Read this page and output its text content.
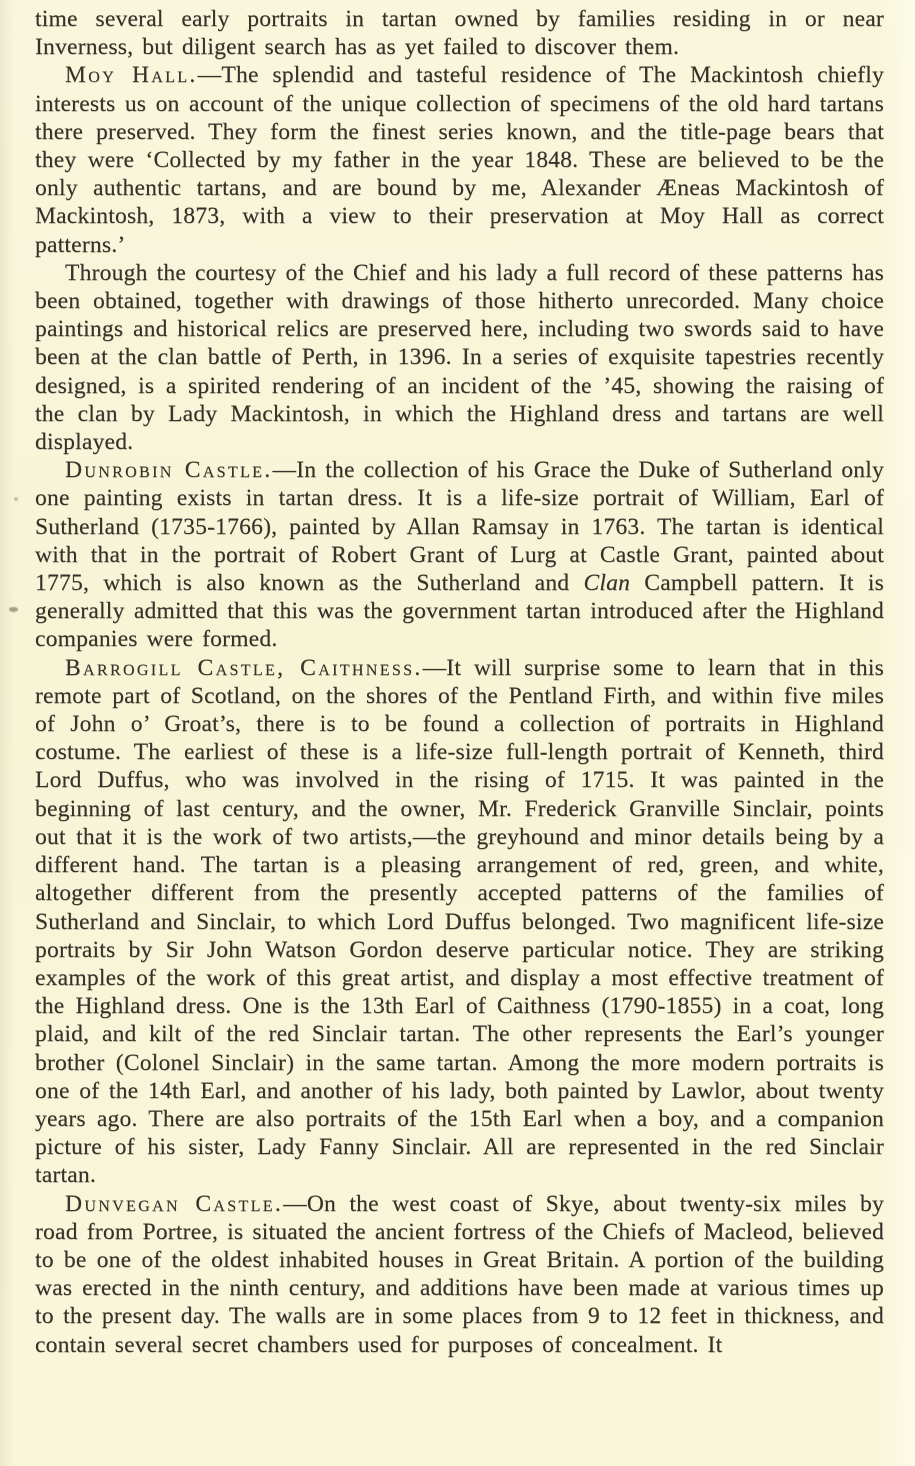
time several early portraits in tartan owned by families residing in or near Inverness, but diligent search has as yet failed to discover them.

Moy Hall.—The splendid and tasteful residence of The Mackintosh chiefly interests us on account of the unique collection of specimens of the old hard tartans there preserved. They form the finest series known, and the title-page bears that they were ‘Collected by my father in the year 1848. These are believed to be the only authentic tartans, and are bound by me, Alexander Æneas Mackintosh of Mackintosh, 1873, with a view to their preservation at Moy Hall as correct patterns.’

Through the courtesy of the Chief and his lady a full record of these patterns has been obtained, together with drawings of those hitherto unrecorded. Many choice paintings and historical relics are preserved here, including two swords said to have been at the clan battle of Perth, in 1396. In a series of exquisite tapestries recently designed, is a spirited rendering of an incident of the ’45, showing the raising of the clan by Lady Mackintosh, in which the Highland dress and tartans are well displayed.

Dunrobin Castle.—In the collection of his Grace the Duke of Sutherland only one painting exists in tartan dress. It is a life-size portrait of William, Earl of Sutherland (1735-1766), painted by Allan Ramsay in 1763. The tartan is identical with that in the portrait of Robert Grant of Lurg at Castle Grant, painted about 1775, which is also known as the Sutherland and Clan Campbell pattern. It is generally admitted that this was the government tartan introduced after the Highland companies were formed.

Barrogill Castle, Caithness.—It will surprise some to learn that in this remote part of Scotland, on the shores of the Pentland Firth, and within five miles of John o’ Groat’s, there is to be found a collection of portraits in Highland costume. The earliest of these is a life-size full-length portrait of Kenneth, third Lord Duffus, who was involved in the rising of 1715. It was painted in the beginning of last century, and the owner, Mr. Frederick Granville Sinclair, points out that it is the work of two artists,—the greyhound and minor details being by a different hand. The tartan is a pleasing arrangement of red, green, and white, altogether different from the presently accepted patterns of the families of Sutherland and Sinclair, to which Lord Duffus belonged. Two magnificent life-size portraits by Sir John Watson Gordon deserve particular notice. They are striking examples of the work of this great artist, and display a most effective treatment of the Highland dress. One is the 13th Earl of Caithness (1790-1855) in a coat, long plaid, and kilt of the red Sinclair tartan. The other represents the Earl’s younger brother (Colonel Sinclair) in the same tartan. Among the more modern portraits is one of the 14th Earl, and another of his lady, both painted by Lawlor, about twenty years ago. There are also portraits of the 15th Earl when a boy, and a companion picture of his sister, Lady Fanny Sinclair. All are represented in the red Sinclair tartan.

Dunvegan Castle.—On the west coast of Skye, about twenty-six miles by road from Portree, is situated the ancient fortress of the Chiefs of Macleod, believed to be one of the oldest inhabited houses in Great Britain. A portion of the building was erected in the ninth century, and additions have been made at various times up to the present day. The walls are in some places from 9 to 12 feet in thickness, and contain several secret chambers used for purposes of concealment. It
